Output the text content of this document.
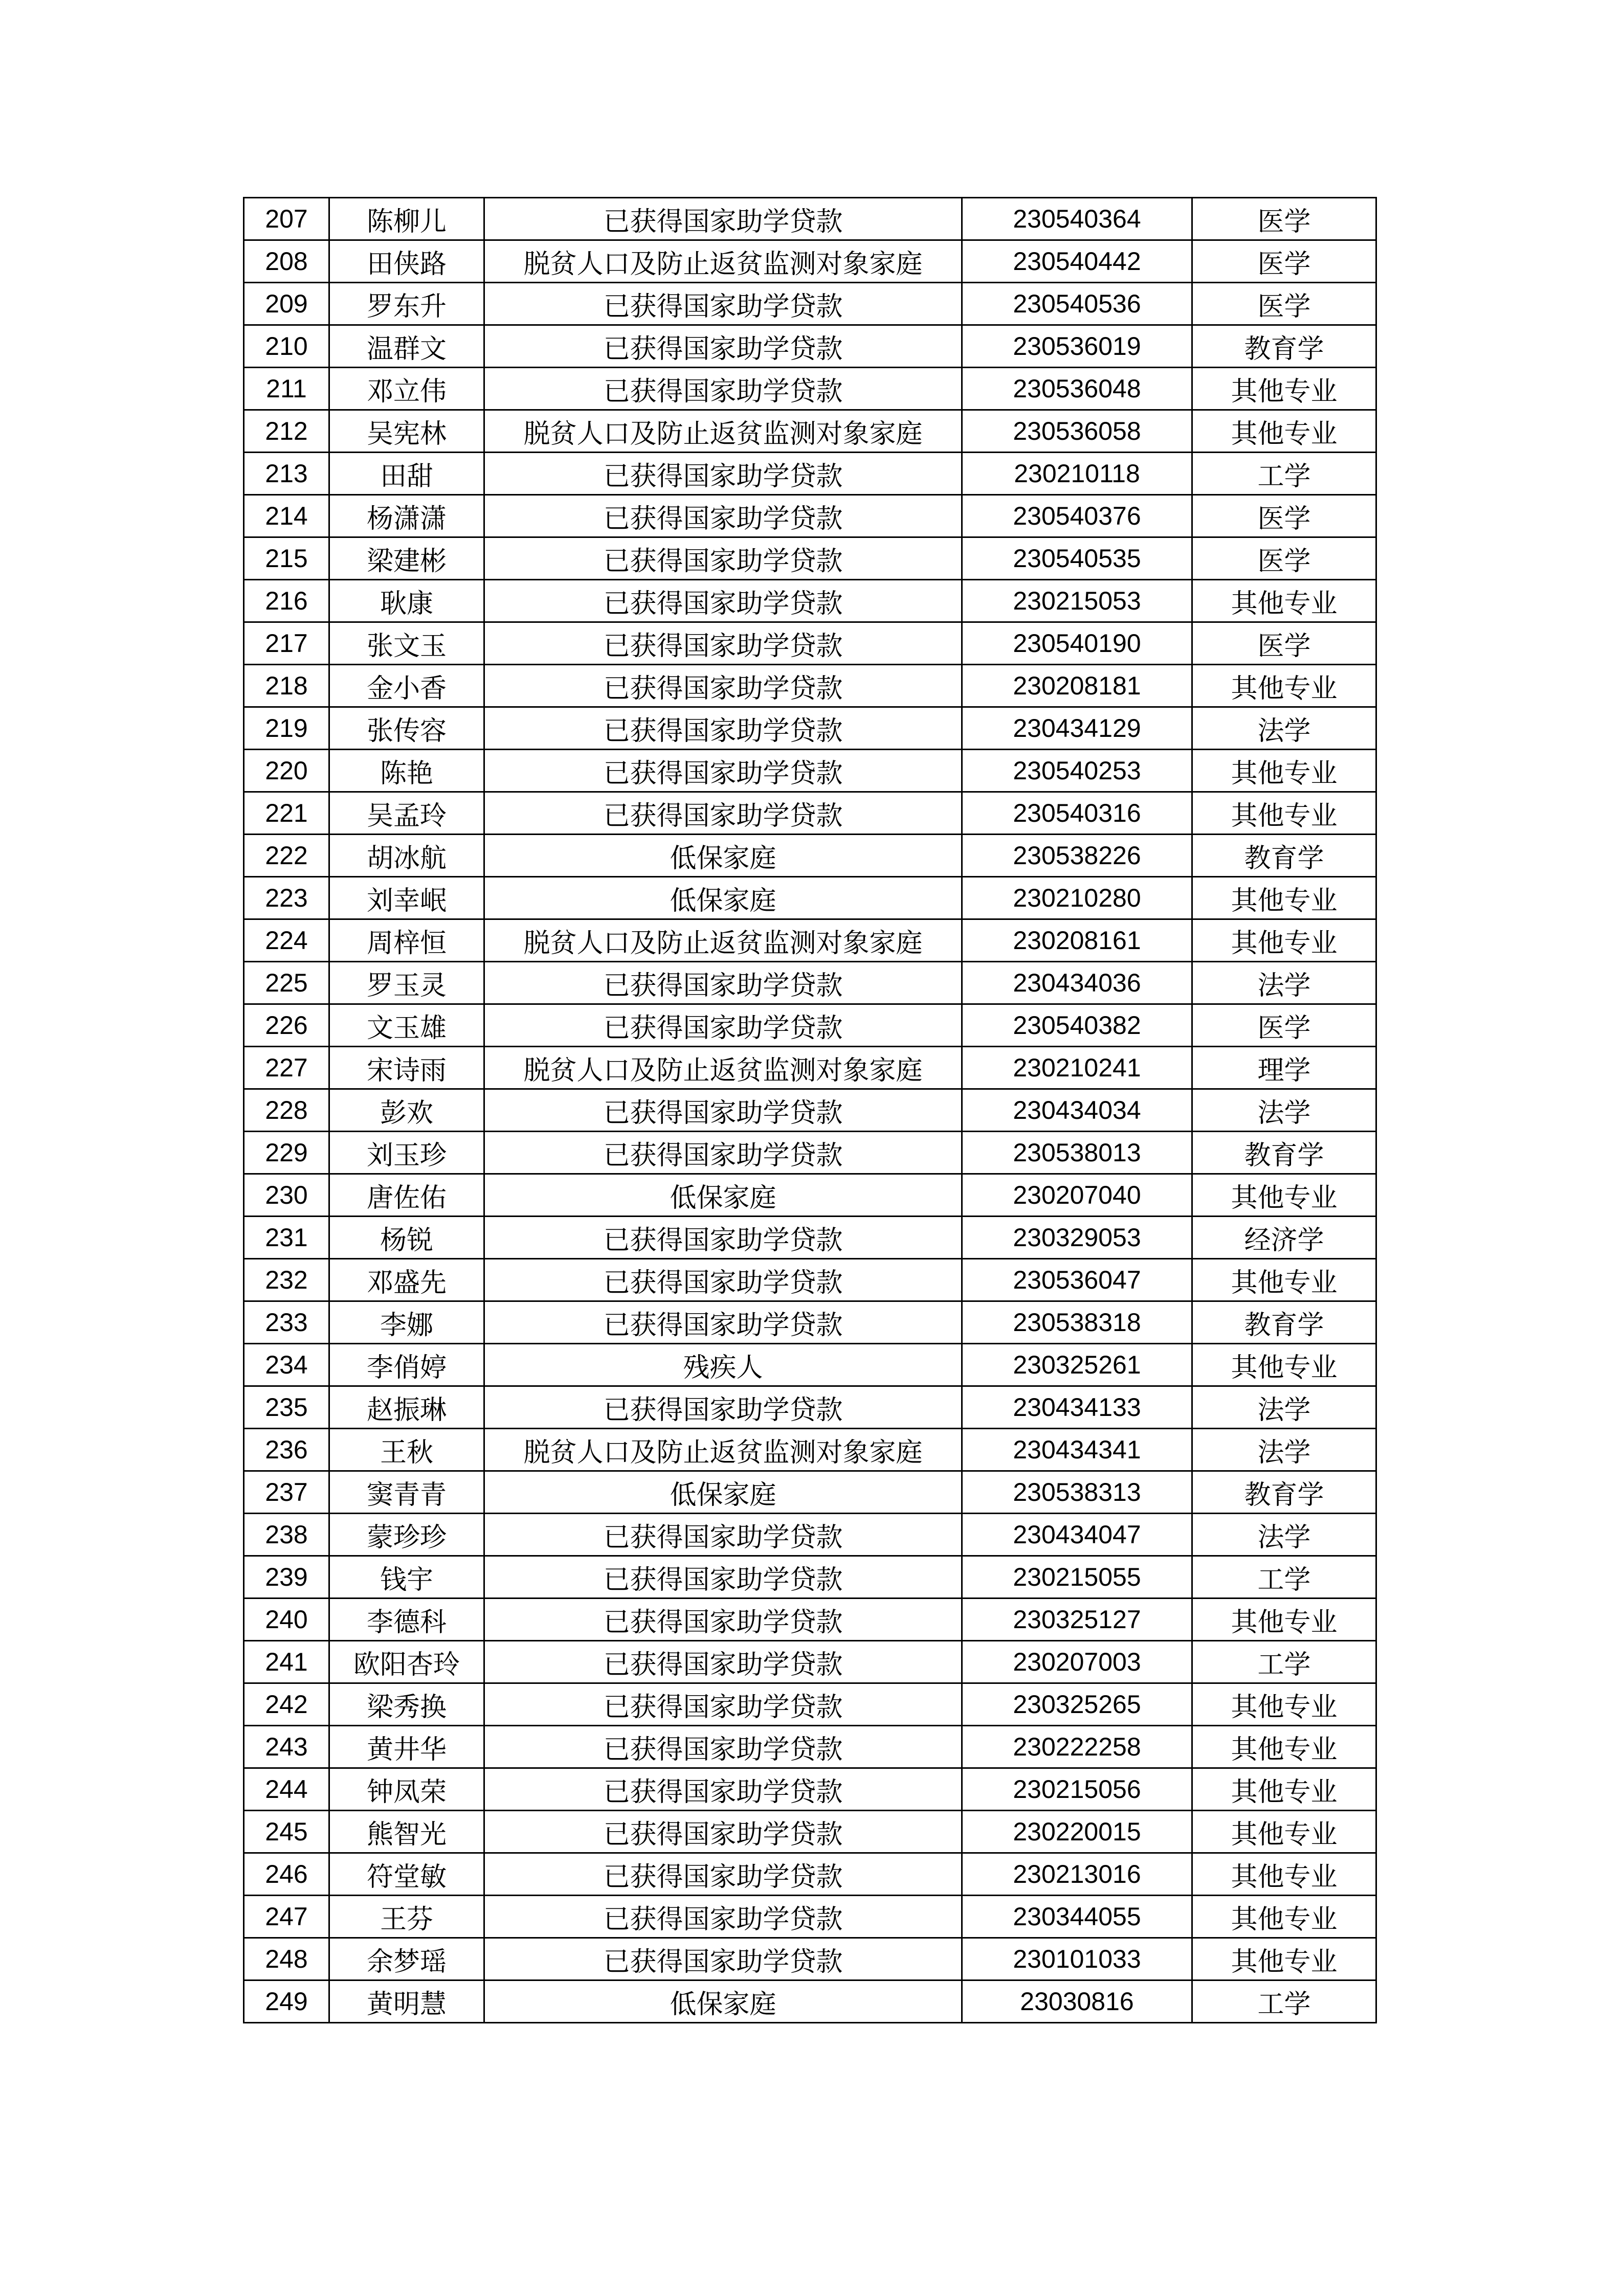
207	陈柳儿	已获得国家助学贷款	230540364	医学
208	田侠路	脱贫人口及防止返贫监测对象家庭	230540442	医学
209	罗东升	已获得国家助学贷款	230540536	医学
210	温群文	已获得国家助学贷款	230536019	教育学
211	邓立伟	已获得国家助学贷款	230536048	其他专业
212	吴宪林	脱贫人口及防止返贫监测对象家庭	230536058	其他专业
213	田甜	已获得国家助学贷款	230210118	工学
214	杨潇潇	已获得国家助学贷款	230540376	医学
215	梁建彬	已获得国家助学贷款	230540535	医学
216	耿康	已获得国家助学贷款	230215053	其他专业
217	张文玉	已获得国家助学贷款	230540190	医学
218	金小香	已获得国家助学贷款	230208181	其他专业
219	张传容	已获得国家助学贷款	230434129	法学
220	陈艳	已获得国家助学贷款	230540253	其他专业
221	吴孟玲	已获得国家助学贷款	230540316	其他专业
222	胡冰航	低保家庭	230538226	教育学
223	刘幸岷	低保家庭	230210280	其他专业
224	周梓恒	脱贫人口及防止返贫监测对象家庭	230208161	其他专业
225	罗玉灵	已获得国家助学贷款	230434036	法学
226	文玉雄	已获得国家助学贷款	230540382	医学
227	宋诗雨	脱贫人口及防止返贫监测对象家庭	230210241	理学
228	彭欢	已获得国家助学贷款	230434034	法学
229	刘玉珍	已获得国家助学贷款	230538013	教育学
230	唐佐佑	低保家庭	230207040	其他专业
231	杨锐	已获得国家助学贷款	230329053	经济学
232	邓盛先	已获得国家助学贷款	230536047	其他专业
233	李娜	已获得国家助学贷款	230538318	教育学
234	李俏婷	残疾人	230325261	其他专业
235	赵振琳	已获得国家助学贷款	230434133	法学
236	王秋	脱贫人口及防止返贫监测对象家庭	230434341	法学
237	窦青青	低保家庭	230538313	教育学
238	蒙珍珍	已获得国家助学贷款	230434047	法学
239	钱宇	已获得国家助学贷款	230215055	工学
240	李德科	已获得国家助学贷款	230325127	其他专业
241	欧阳杏玲	已获得国家助学贷款	230207003	工学
242	梁秀换	已获得国家助学贷款	230325265	其他专业
243	黄井华	已获得国家助学贷款	230222258	其他专业
244	钟凤荣	已获得国家助学贷款	230215056	其他专业
245	熊智光	已获得国家助学贷款	230220015	其他专业
246	符堂敏	已获得国家助学贷款	230213016	其他专业
247	王芬	已获得国家助学贷款	230344055	其他专业
248	余梦瑶	已获得国家助学贷款	230101033	其他专业
249	黄明慧	低保家庭	23030816	工学
